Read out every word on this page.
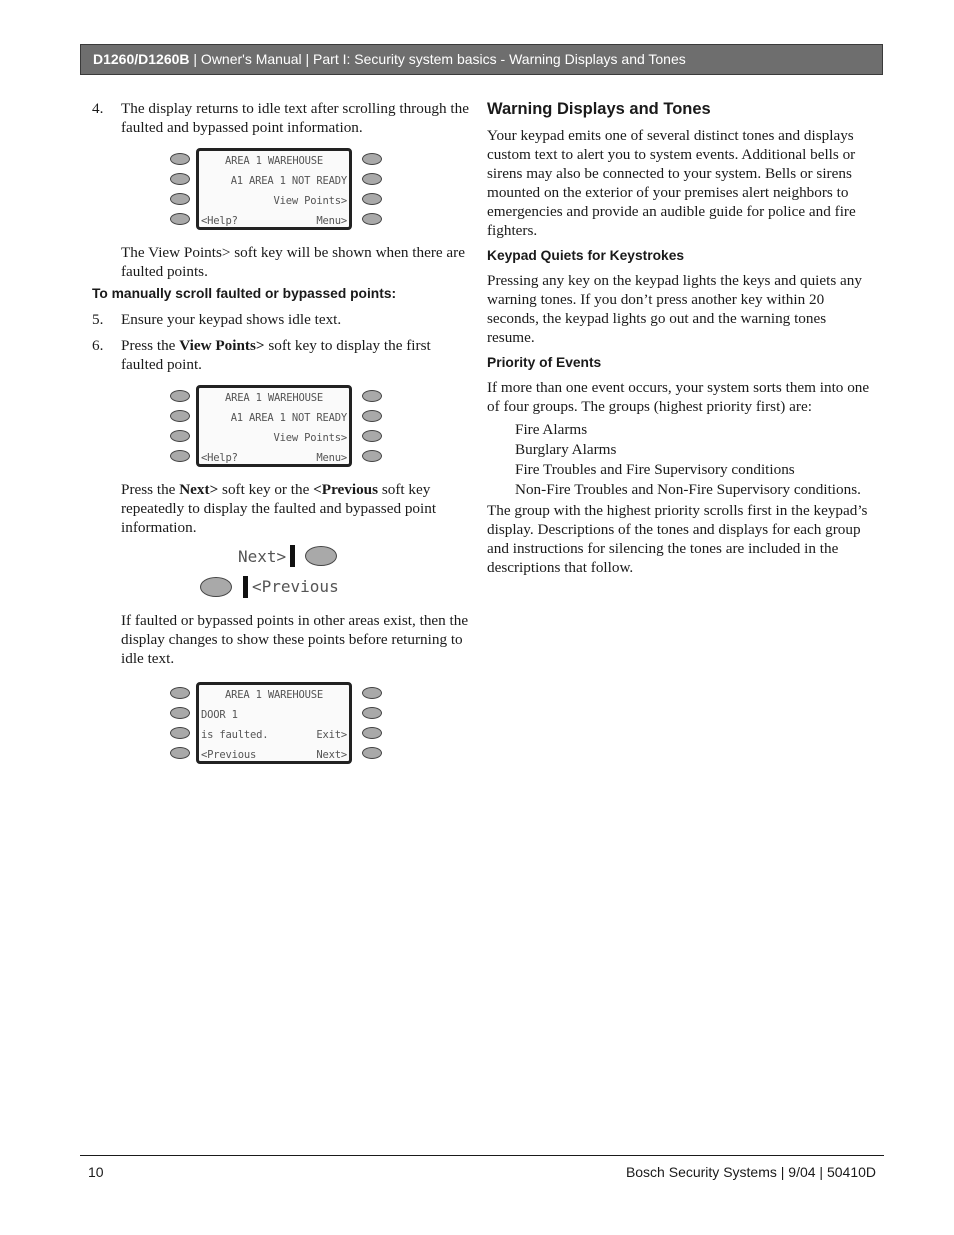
D1260/D1260B | Owner's Manual | Part I: Security system basics - Warning Displays and Tones
4. The display returns to idle text after scrolling through the faulted and bypassed point information.
AREA 1 WAREHOUSE
A1 AREA 1 NOT READY
View Points>
<Help?	Menu>

The View Points> soft key will be shown when there are faulted points.

To manually scroll faulted or bypassed points:

5. Ensure your keypad shows idle text.
6. Press the View Points> soft key to display the first faulted point.
AREA 1 WAREHOUSE
A1 AREA 1 NOT READY
View Points>
<Help?	Menu>

Press the Next> soft key or the <Previous soft key repeatedly to display the faulted and bypassed point information.

Next>
<Previous

If faulted or bypassed points in other areas exist, then the display changes to show these points before returning to idle text.

AREA 1 WAREHOUSE
DOOR 1
is faulted.	Exit>
<Previous	Next>
Warning Displays and Tones

Your keypad emits one of several distinct tones and displays custom text to alert you to system events. Additional bells or sirens may also be connected to your system. Bells or sirens mounted on the exterior of your premises alert neighbors to emergencies and provide an audible guide for police and fire fighters.

Keypad Quiets for Keystrokes

Pressing any key on the keypad lights the keys and quiets any warning tones. If you don’t press another key within 20 seconds, the keypad lights go out and the warning tones resume.

Priority of Events

If more than one event occurs, your system sorts them into one of four groups. The groups (highest priority first) are:

Fire Alarms
Burglary Alarms
Fire Troubles and Fire Supervisory conditions
Non-Fire Troubles and Non-Fire Supervisory conditions.

The group with the highest priority scrolls first in the keypad’s display. Descriptions of the tones and displays for each group and instructions for silencing the tones are included in the descriptions that follow.

10	Bosch Security Systems | 9/04 | 50410D
